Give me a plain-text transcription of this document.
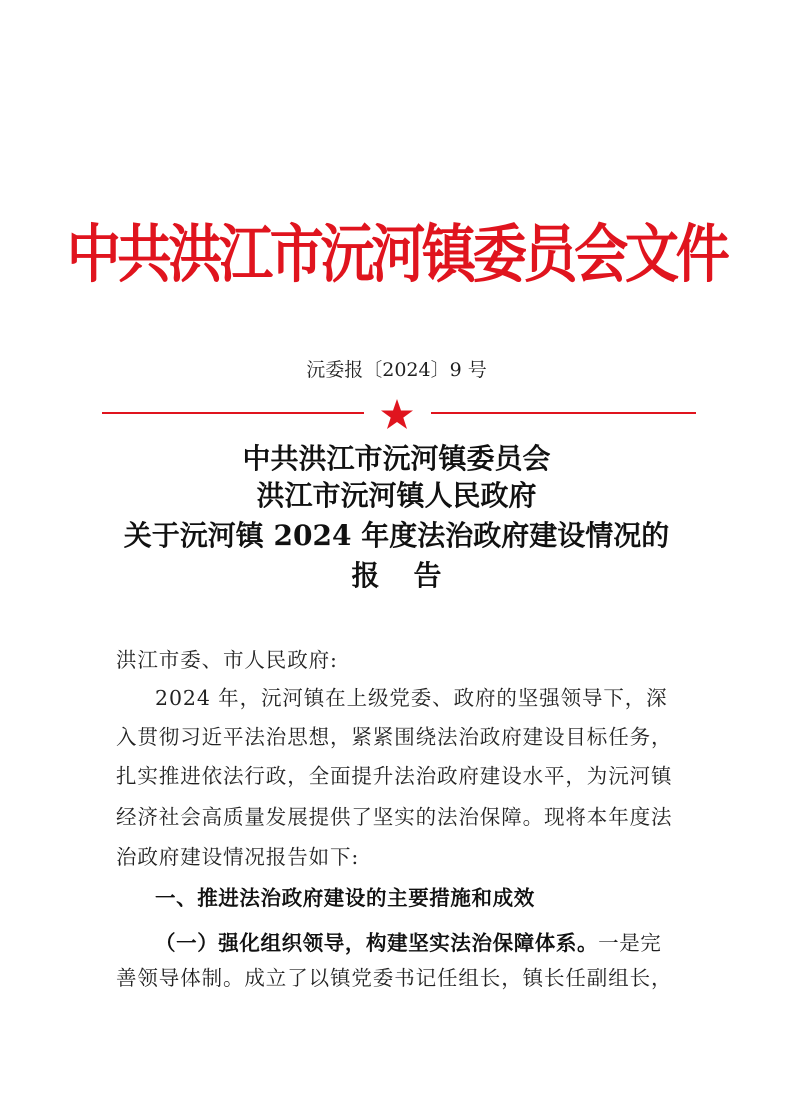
中共洪江市沅河镇委员会文件
沅委报〔2024〕9 号
中共洪江市沅河镇委员会
洪江市沅河镇人民政府
关于沅河镇 2024 年度法治政府建设情况的
报告
洪江市委、市人民政府:
2024 年，沅河镇在上级党委、政府的坚强领导下，深
入贯彻习近平法治思想，紧紧围绕法治政府建设目标任务，
扎实推进依法行政，全面提升法治政府建设水平，为沅河镇
经济社会高质量发展提供了坚实的法治保障。现将本年度法
治政府建设情况报告如下:
一、推进法治政府建设的主要措施和成效
（一）强化组织领导，构建坚实法治保障体系。一是完
善领导体制。成立了以镇党委书记任组长，镇长任副组长，
